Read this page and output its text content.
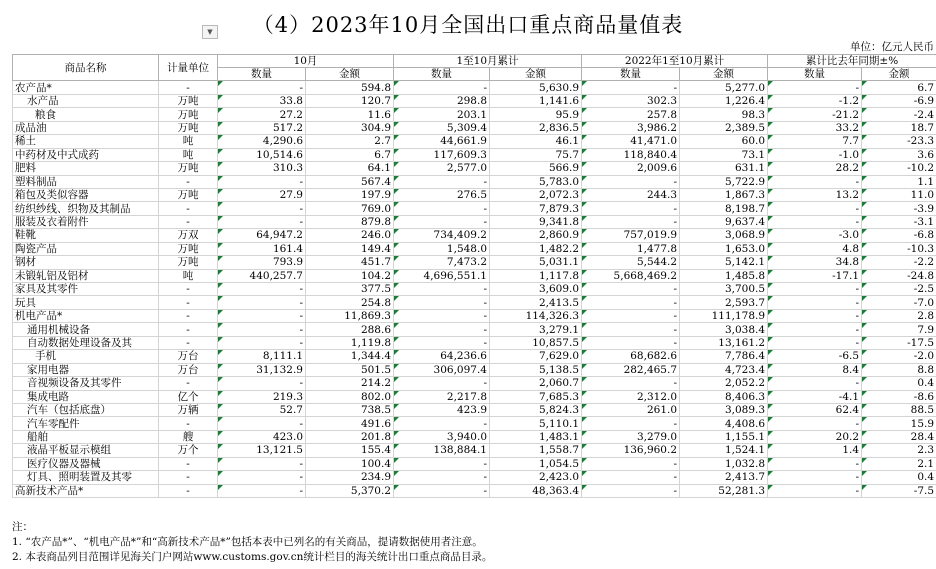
（4）2023年10月全国出口重点商品量值表
▼
单位：亿元人民币
商品名称	计量单位	10月		1至10月累计		2022年1至10月累计		累计比去年同期±%	
		数量	金额	数量	金额	数量	金额	数量	金额
农产品*	-	-	594.8	-	5,630.9	-	5,277.0	-	6.7
水产品	万吨	33.8	120.7	298.8	1,141.6	302.3	1,226.4	-1.2	-6.9
粮食	万吨	27.2	11.6	203.1	95.9	257.8	98.3	-21.2	-2.4
成品油	万吨	517.2	304.9	5,309.4	2,836.5	3,986.2	2,389.5	33.2	18.7
稀土	吨	4,290.6	2.7	44,661.9	46.1	41,471.0	60.0	7.7	-23.3
中药材及中式成药	吨	10,514.6	6.7	117,609.3	75.7	118,840.4	73.1	-1.0	3.6
肥料	万吨	310.3	64.1	2,577.0	566.9	2,009.6	631.1	28.2	-10.2
塑料制品	-	-	567.4	-	5,783.0	-	5,722.9	-	1.1
箱包及类似容器	万吨	27.9	197.9	276.5	2,072.3	244.3	1,867.3	13.2	11.0
纺织纱线、织物及其制品	-	-	769.0	-	7,879.3	-	8,198.7	-	-3.9
服装及衣着附件	-	-	879.8	-	9,341.8	-	9,637.4	-	-3.1
鞋靴	万双	64,947.2	246.0	734,409.2	2,860.9	757,019.9	3,068.9	-3.0	-6.8
陶瓷产品	万吨	161.4	149.4	1,548.0	1,482.2	1,477.8	1,653.0	4.8	-10.3
钢材	万吨	793.9	451.7	7,473.2	5,031.1	5,544.2	5,142.1	34.8	-2.2
未锻轧铝及铝材	吨	440,257.7	104.2	4,696,551.1	1,117.8	5,668,469.2	1,485.8	-17.1	-24.8
家具及其零件	-	-	377.5	-	3,609.0	-	3,700.5	-	-2.5
玩具	-	-	254.8	-	2,413.5	-	2,593.7	-	-7.0
机电产品*	-	-	11,869.3	-	114,326.3	-	111,178.9	-	2.8
通用机械设备	-	-	288.6	-	3,279.1	-	3,038.4	-	7.9
自动数据处理设备及其	-	-	1,119.8	-	10,857.5	-	13,161.2	-	-17.5
手机	万台	8,111.1	1,344.4	64,236.6	7,629.0	68,682.6	7,786.4	-6.5	-2.0
家用电器	万台	31,132.9	501.5	306,097.4	5,138.5	282,465.7	4,723.4	8.4	8.8
音视频设备及其零件	-	-	214.2	-	2,060.7	-	2,052.2	-	0.4
集成电路	亿个	219.3	802.0	2,217.8	7,685.3	2,312.0	8,406.3	-4.1	-8.6
汽车（包括底盘）	万辆	52.7	738.5	423.9	5,824.3	261.0	3,089.3	62.4	88.5
汽车零配件	-	-	491.6	-	5,110.1	-	4,408.6	-	15.9
船舶	艘	423.0	201.8	3,940.0	1,483.1	3,279.0	1,155.1	20.2	28.4
液晶平板显示模组	万个	13,121.5	155.4	138,884.1	1,558.7	136,960.2	1,524.1	1.4	2.3
医疗仪器及器械	-	-	100.4	-	1,054.5	-	1,032.8	-	2.1
灯具、照明装置及其零	-	-	234.9	-	2,423.0	-	2,413.7	-	0.4
高新技术产品*	-	-	5,370.2	-	48,363.4	-	52,281.3	-	-7.5
注：
1. “农产品*”、“机电产品*”和“高新技术产品*”包括本表中已列名的有关商品，提请数据使用者注意。
2. 本表商品列目范围详见海关门户网站www.customs.gov.cn统计栏目的海关统计出口重点商品目录。
